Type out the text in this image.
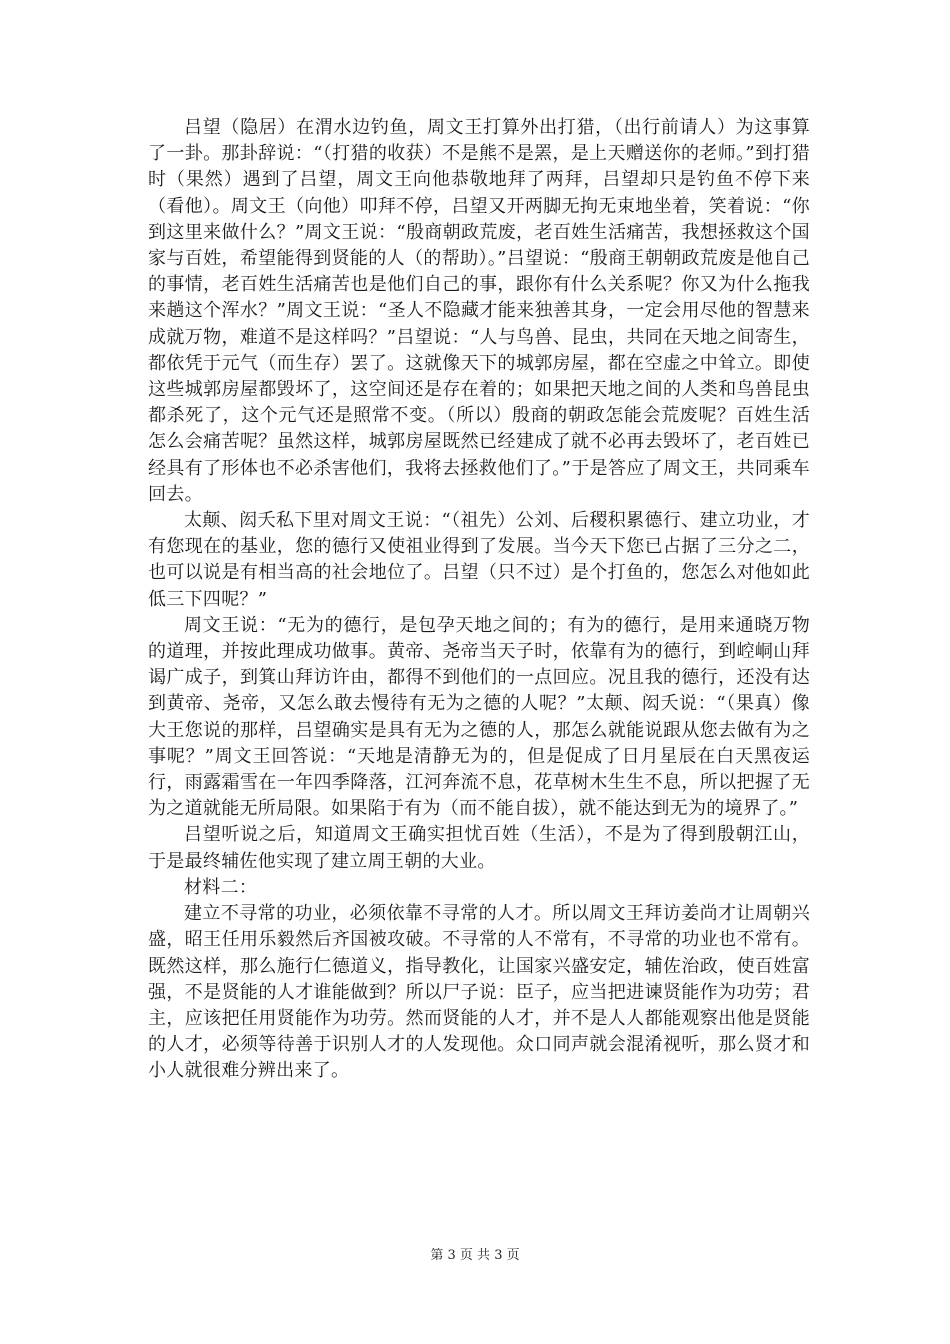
吕望（隐居）在渭水边钓鱼，周文王打算外出打猎，（出行前请人）为这事算了一卦。那卦辞说：“（打猎的收获）不是熊不是罴，是上天赠送你的老师。”到打猎时（果然）遇到了吕望，周文王向他恭敬地拜了两拜，吕望却只是钓鱼不停下来（看他）。周文王（向他）叩拜不停，吕望又开两脚无拘无束地坐着，笑着说：“你到这里来做什么？”周文王说：“殷商朝政荒废，老百姓生活痛苦，我想拯救这个国家与百姓，希望能得到贤能的人（的帮助）。”吕望说：“殷商王朝朝政荒废是他自己的事情，老百姓生活痛苦也是他们自己的事，跟你有什么关系呢？你又为什么拖我来趟这个浑水？”周文王说：“圣人不隐藏才能来独善其身，一定会用尽他的智慧来成就万物，难道不是这样吗？”吕望说：“人与鸟兽、昆虫，共同在天地之间寄生，都依凭于元气（而生存）罢了。这就像天下的城郭房屋，都在空虚之中耸立。即使这些城郭房屋都毁坏了，这空间还是存在着的；如果把天地之间的人类和鸟兽昆虫都杀死了，这个元气还是照常不变。（所以）殷商的朝政怎能会荒废呢？百姓生活怎么会痛苦呢？虽然这样，城郭房屋既然已经建成了就不必再去毁坏了，老百姓已经具有了形体也不必杀害他们，我将去拯救他们了。”于是答应了周文王，共同乘车回去。

太颠、闳夭私下里对周文王说：“（祖先）公刘、后稷积累德行、建立功业，才有您现在的基业，您的德行又使祖业得到了发展。当今天下您已占据了三分之二，也可以说是有相当高的社会地位了。吕望（只不过）是个打鱼的，您怎么对他如此低三下四呢？”

周文王说：“无为的德行，是包孕天地之间的；有为的德行，是用来通晓万物的道理，并按此理成功做事。黄帝、尧帝当天子时，依靠有为的德行，到崆峒山拜谒广成子，到箕山拜访许由，都得不到他们的一点回应。况且我的德行，还没有达到黄帝、尧帝，又怎么敢去慢待有无为之德的人呢？”太颠、闳夭说：“（果真）像大王您说的那样，吕望确实是具有无为之德的人，那怎么就能说跟从您去做有为之事呢？”周文王回答说：“天地是清静无为的，但是促成了日月星辰在白天黑夜运行，雨露霜雪在一年四季降落，江河奔流不息，花草树木生生不息，所以把握了无为之道就能无所局限。如果陷于有为（而不能自拔），就不能达到无为的境界了。”

吕望听说之后，知道周文王确实担忧百姓（生活），不是为了得到殷朝江山，于是最终辅佐他实现了建立周王朝的大业。

材料二：

建立不寻常的功业，必须依靠不寻常的人才。所以周文王拜访姜尚才让周朝兴盛，昭王任用乐毅然后齐国被攻破。不寻常的人不常有，不寻常的功业也不常有。既然这样，那么施行仁德道义，指导教化，让国家兴盛安定，辅佐治政，使百姓富强，不是贤能的人才谁能做到？所以尸子说：臣子，应当把进谏贤能作为功劳；君主，应该把任用贤能作为功劳。然而贤能的人才，并不是人人都能观察出他是贤能的人才，必须等待善于识别人才的人发现他。众口同声就会混淆视听，那么贤才和小人就很难分辨出来了。

第 3 页 共 3 页
